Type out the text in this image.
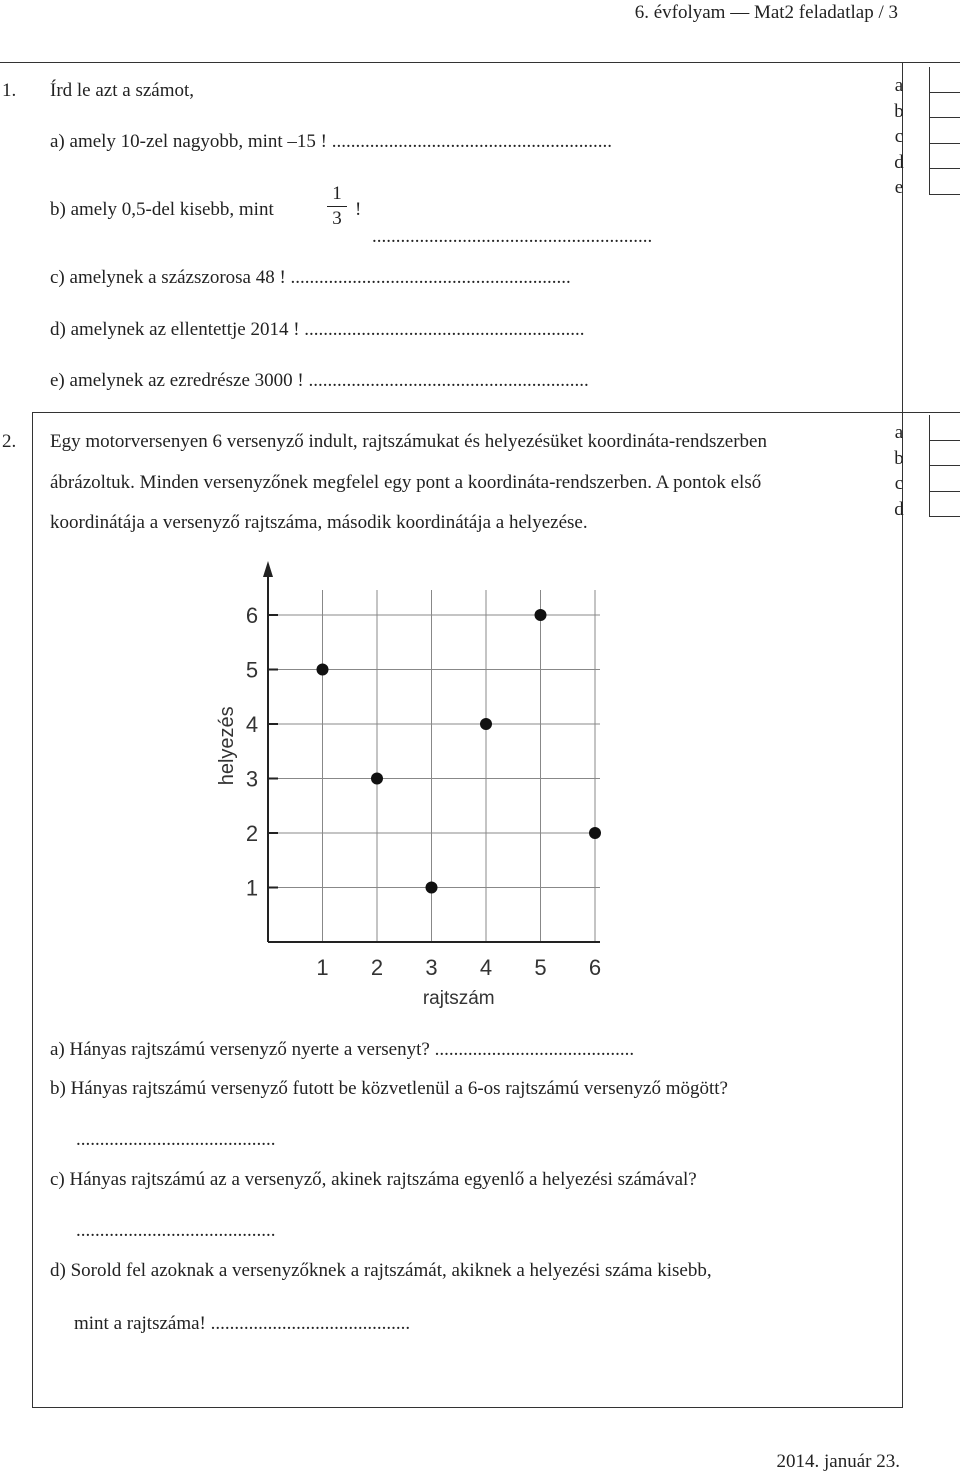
6. évfolyam — Mat2 feladatlap / 3
1. Írd le azt a számot,
a) amely 10-zel nagyobb, mint –15 ! ...........................................................
b) amely 0,5-del kisebb, mint
1
3 !
...........................................................
c) amelynek a százszorosa 48 ! ...........................................................
d) amelynek az ellentettje 2014 ! ...........................................................
e) amelynek az ezredrésze 3000 ! ...........................................................
a
b
c
d
e
2. Egy motorversenyen 6 versenyző indult, rajtszámukat és helyezésüket koordináta-rendszerben
ábrázoltuk. Minden versenyzőnek megfelel egy pont a koordináta-rendszerben. A pontok első
koordinátája a versenyző rajtszáma, második koordinátája a helyezése.
a
b
c
d
1
2
3
4
5
6
1 2 3 4 5 6
rajtszám
helyezés
a) Hányas rajtszámú versenyző nyerte a versenyt? ..........................................
b) Hányas rajtszámú versenyző futott be közvetlenül a 6-os rajtszámú versenyző mögött?
..........................................
c) Hányas rajtszámú az a versenyző, akinek rajtszáma egyenlő a helyezési számával?
..........................................
d) Sorold fel azoknak a versenyzőknek a rajtszámát, akiknek a helyezési száma kisebb,
mint a rajtszáma! ..........................................
2014. január 23.
